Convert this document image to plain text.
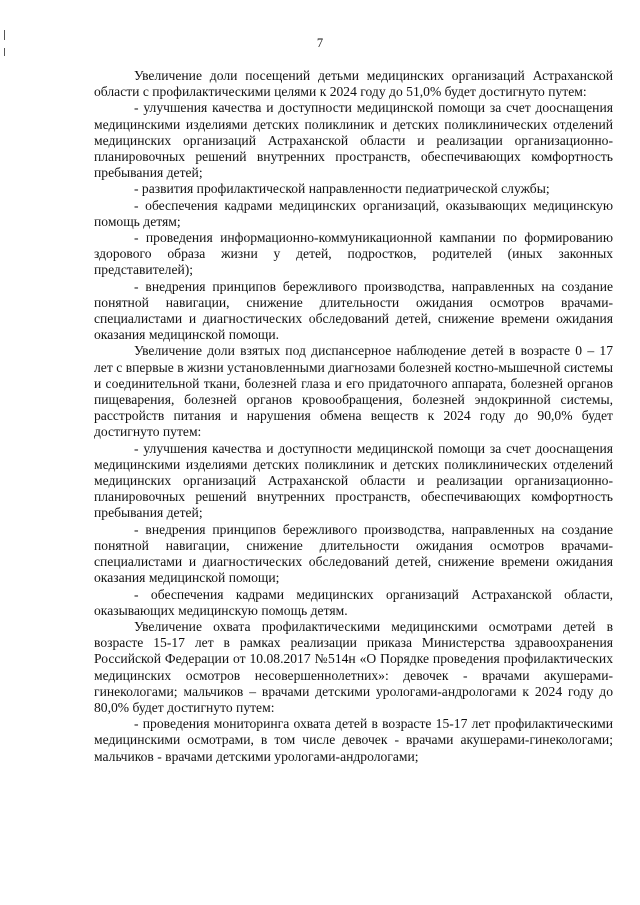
7

Увеличение доли посещений детьми медицинских организаций Астраханской области с профилактическими целями к 2024 году до 51,0% будет достигнуто путем:

- улучшения качества и доступности медицинской помощи за счет дооснащения медицинскими изделиями детских поликлиник и детских поликлинических отделений медицинских организаций Астраханской области и реализации организационно-планировочных решений внутренних пространств, обеспечивающих комфортность пребывания детей;

- развития профилактической направленности педиатрической службы;

- обеспечения кадрами медицинских организаций, оказывающих медицинскую помощь детям;

- проведения информационно-коммуникационной кампании по формированию здорового образа жизни у детей, подростков, родителей (иных законных представителей);

- внедрения принципов бережливого производства, направленных на создание понятной навигации, снижение длительности ожидания осмотров врачами-специалистами и диагностических обследований детей, снижение времени ожидания оказания медицинской помощи.

Увеличение доли взятых под диспансерное наблюдение детей в возрасте 0 – 17 лет с впервые в жизни установленными диагнозами болезней костно-мышечной системы и соединительной ткани, болезней глаза и его придаточного аппарата, болезней органов пищеварения, болезней органов кровообращения, болезней эндокринной системы, расстройств питания и нарушения обмена веществ к 2024 году до 90,0% будет достигнуто путем:

- улучшения качества и доступности медицинской помощи за счет дооснащения медицинскими изделиями детских поликлиник и детских поликлинических отделений медицинских организаций Астраханской области и реализации организационно-планировочных решений внутренних пространств, обеспечивающих комфортность пребывания детей;

- внедрения принципов бережливого производства, направленных на создание понятной навигации, снижение длительности ожидания осмотров врачами-специалистами и диагностических обследований детей, снижение времени ожидания оказания медицинской помощи;

- обеспечения кадрами медицинских организаций Астраханской области, оказывающих медицинскую помощь детям.

Увеличение охвата профилактическими медицинскими осмотрами детей в возрасте 15-17 лет в рамках реализации приказа Министерства здравоохранения Российской Федерации от 10.08.2017 №514н «О Порядке проведения профилактических медицинских осмотров несовершеннолетних»: девочек - врачами акушерами-гинекологами; мальчиков – врачами детскими урологами-андрологами к 2024 году до 80,0% будет достигнуто путем:

- проведения мониторинга охвата детей в возрасте 15-17 лет профилактическими медицинскими осмотрами, в том числе девочек - врачами акушерами-гинекологами; мальчиков - врачами детскими урологами-андрологами;
